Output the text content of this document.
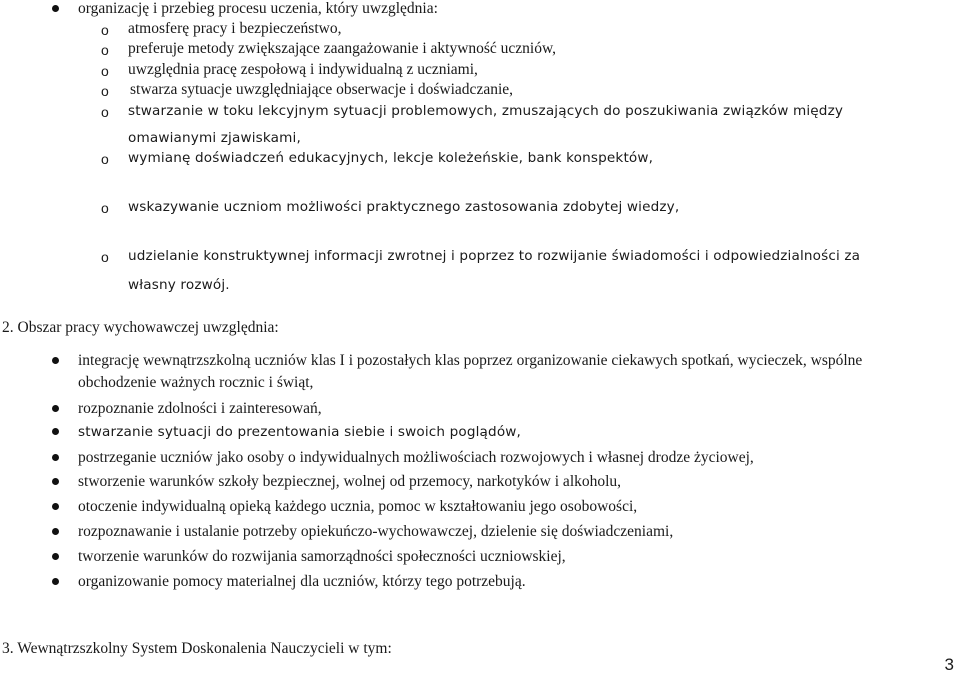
organizację i przebieg procesu uczenia, który uwzględnia:
o atmosferę pracy i bezpieczeństwo,
o preferuje metody zwiększające zaangażowanie i aktywność uczniów,
o uwzględnia pracę zespołową i indywidualną z uczniami,
o stwarza sytuacje uwzględniające obserwacje i doświadczanie,
o stwarzanie w toku lekcyjnym sytuacji problemowych, zmuszających do poszukiwania związków między
omawianymi zjawiskami,
o wymianę doświadczeń edukacyjnych, lekcje koleżeńskie, bank konspektów,
o wskazywanie uczniom możliwości praktycznego zastosowania zdobytej wiedzy,
o udzielanie konstruktywnej informacji zwrotnej i poprzez to rozwijanie świadomości i odpowiedzialności za
własny rozwój.
2. Obszar pracy wychowawczej uwzględnia:
integrację wewnątrzszkolną uczniów klas I i pozostałych klas poprzez organizowanie ciekawych spotkań, wycieczek, wspólne
obchodzenie ważnych rocznic i świąt,
rozpoznanie zdolności i zainteresowań,
stwarzanie sytuacji do prezentowania siebie i swoich poglądów,
postrzeganie uczniów jako osoby o indywidualnych możliwościach rozwojowych i własnej drodze życiowej,
stworzenie warunków szkoły bezpiecznej, wolnej od przemocy, narkotyków i alkoholu,
otoczenie indywidualną opieką każdego ucznia, pomoc w kształtowaniu jego osobowości,
rozpoznawanie i ustalanie potrzeby opiekuńczo-wychowawczej, dzielenie się doświadczeniami,
tworzenie warunków do rozwijania samorządności społeczności uczniowskiej,
organizowanie pomocy materialnej dla uczniów, którzy tego potrzebują.
3. Wewnątrzszkolny System Doskonalenia Nauczycieli w tym:
3
